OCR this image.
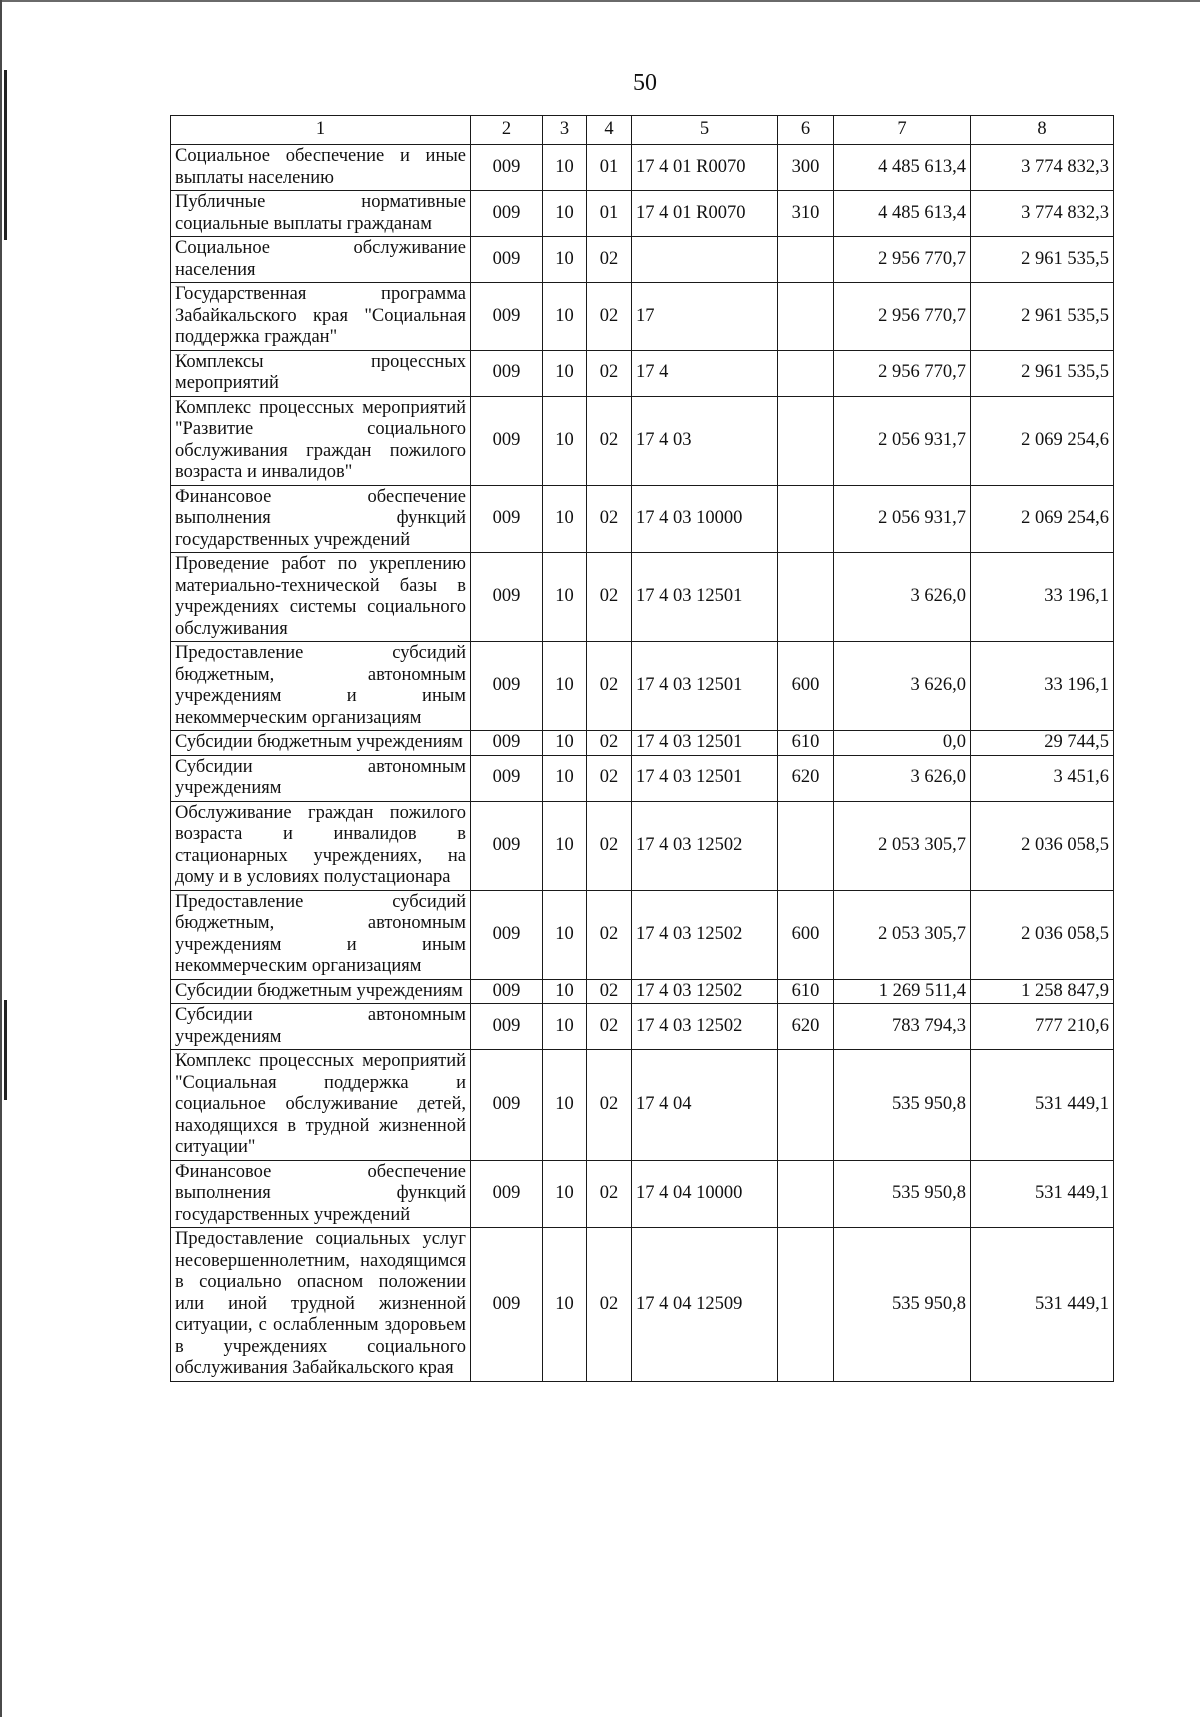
50
1	2	3	4	5	6	7	8
Социальное обеспечение и иные выплаты населению	009	10	01	17 4 01 R0070	300	4 485 613,4	3 774 832,3
Публичные нормативные социальные выплаты гражданам	009	10	01	17 4 01 R0070	310	4 485 613,4	3 774 832,3
Социальное обслуживание населения	009	10	02			2 956 770,7	2 961 535,5
Государственная программа Забайкальского края "Социальная поддержка граждан"	009	10	02	17		2 956 770,7	2 961 535,5
Комплексы процессных мероприятий	009	10	02	17 4		2 956 770,7	2 961 535,5
Комплекс процессных мероприятий "Развитие социального обслуживания граждан пожилого возраста и инвалидов"	009	10	02	17 4 03		2 056 931,7	2 069 254,6
Финансовое обеспечение выполнения функций государственных учреждений	009	10	02	17 4 03 10000		2 056 931,7	2 069 254,6
Проведение работ по укреплению материально-технической базы в учреждениях системы социального обслуживания	009	10	02	17 4 03 12501		3 626,0	33 196,1
Предоставление субсидий бюджетным, автономным учреждениям и иным некоммерческим организациям	009	10	02	17 4 03 12501	600	3 626,0	33 196,1
Субсидии бюджетным учреждениям	009	10	02	17 4 03 12501	610	0,0	29 744,5
Субсидии автономным учреждениям	009	10	02	17 4 03 12501	620	3 626,0	3 451,6
Обслуживание граждан пожилого возраста и инвалидов в стационарных учреждениях, на дому и в условиях полустационара	009	10	02	17 4 03 12502		2 053 305,7	2 036 058,5
Предоставление субсидий бюджетным, автономным учреждениям и иным некоммерческим организациям	009	10	02	17 4 03 12502	600	2 053 305,7	2 036 058,5
Субсидии бюджетным учреждениям	009	10	02	17 4 03 12502	610	1 269 511,4	1 258 847,9
Субсидии автономным учреждениям	009	10	02	17 4 03 12502	620	783 794,3	777 210,6
Комплекс процессных мероприятий "Социальная поддержка и социальное обслуживание детей, находящихся в трудной жизненной ситуации"	009	10	02	17 4 04		535 950,8	531 449,1
Финансовое обеспечение выполнения функций государственных учреждений	009	10	02	17 4 04 10000		535 950,8	531 449,1
Предоставление социальных услуг несовершеннолетним, находящимся в социально опасном положении или иной трудной жизненной ситуации, с ослабленным здоровьем в учреждениях социального обслуживания Забайкальского края	009	10	02	17 4 04 12509		535 950,8	531 449,1
